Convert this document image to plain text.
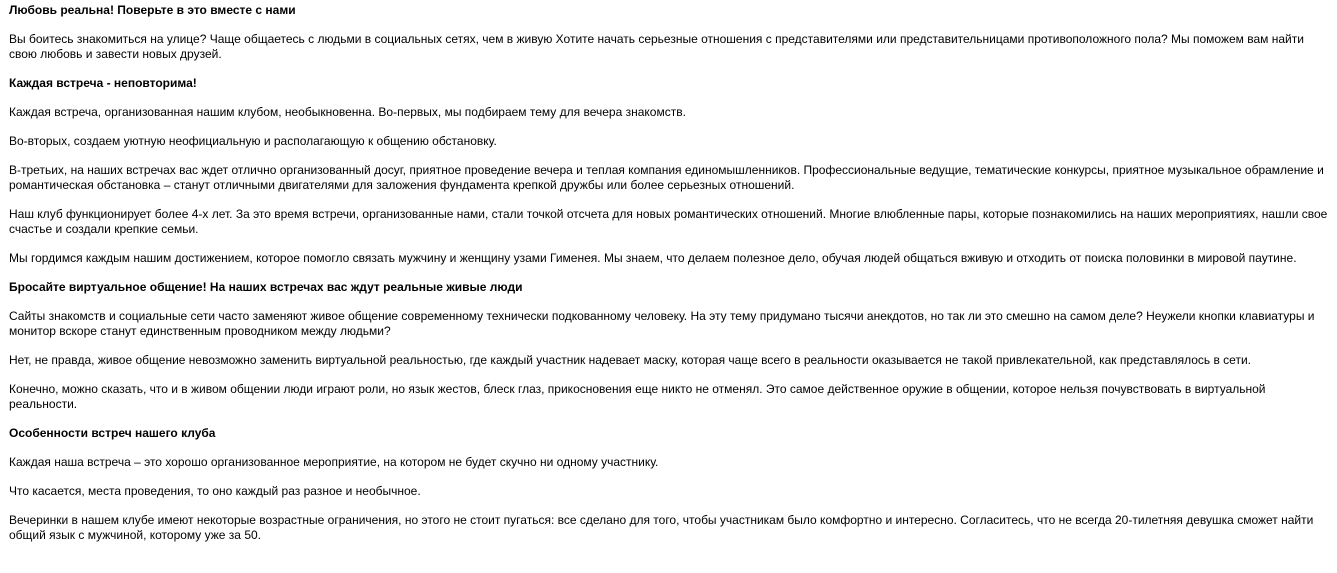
Любовь реальна! Поверьте в это вместе с нами

Вы боитесь знакомиться на улице? Чаще общаетесь с людьми в социальных сетях, чем в живую Хотите начать серьезные отношения с представителями или представительницами противоположного пола? Мы поможем вам найти свою любовь и завести новых друзей.

Каждая встреча - неповторима!

Каждая встреча, организованная нашим клубом, необыкновенна. Во-первых, мы подбираем тему для вечера знакомств.

Во-вторых, создаем уютную неофициальную и располагающую к общению обстановку.

В-третьих, на наших встречах вас ждет отлично организованный досуг, приятное проведение вечера и теплая компания единомышленников. Профессиональные ведущие, тематические конкурсы, приятное музыкальное обрамление и романтическая обстановка – станут отличными двигателями для заложения фундамента крепкой дружбы или более серьезных отношений.

Наш клуб функционирует более 4-х лет. За это время встречи, организованные нами, стали точкой отсчета для новых романтических отношений. Многие влюбленные пары, которые познакомились на наших мероприятиях, нашли свое счастье и создали крепкие семьи.

Мы гордимся каждым нашим достижением, которое помогло связать мужчину и женщину узами Гименея. Мы знаем, что делаем полезное дело, обучая людей общаться вживую и отходить от поиска половинки в мировой паутине.

Бросайте виртуальное общение! На наших встречах вас ждут реальные живые люди

Сайты знакомств и социальные сети часто заменяют живое общение современному технически подкованному человеку. На эту тему придумано тысячи анекдотов, но так ли это смешно на самом деле? Неужели кнопки клавиатуры и монитор вскоре станут единственным проводником между людьми?

Нет, не правда, живое общение невозможно заменить виртуальной реальностью, где каждый участник надевает маску, которая чаще всего в реальности оказывается не такой привлекательной, как представлялось в сети.

Конечно, можно сказать, что и в живом общении люди играют роли, но язык жестов, блеск глаз, прикосновения еще никто не отменял. Это самое действенное оружие в общении, которое нельзя почувствовать в виртуальной реальности.

Особенности встреч нашего клуба

Каждая наша встреча – это хорошо организованное мероприятие, на котором не будет скучно ни одному участнику.

Что касается, места проведения, то оно каждый раз разное и необычное.

Вечеринки в нашем клубе имеют некоторые возрастные ограничения, но этого не стоит пугаться: все сделано для того, чтобы участникам было комфортно и интересно. Согласитесь, что не всегда 20-тилетняя девушка сможет найти общий язык с мужчиной, которому уже за 50.
